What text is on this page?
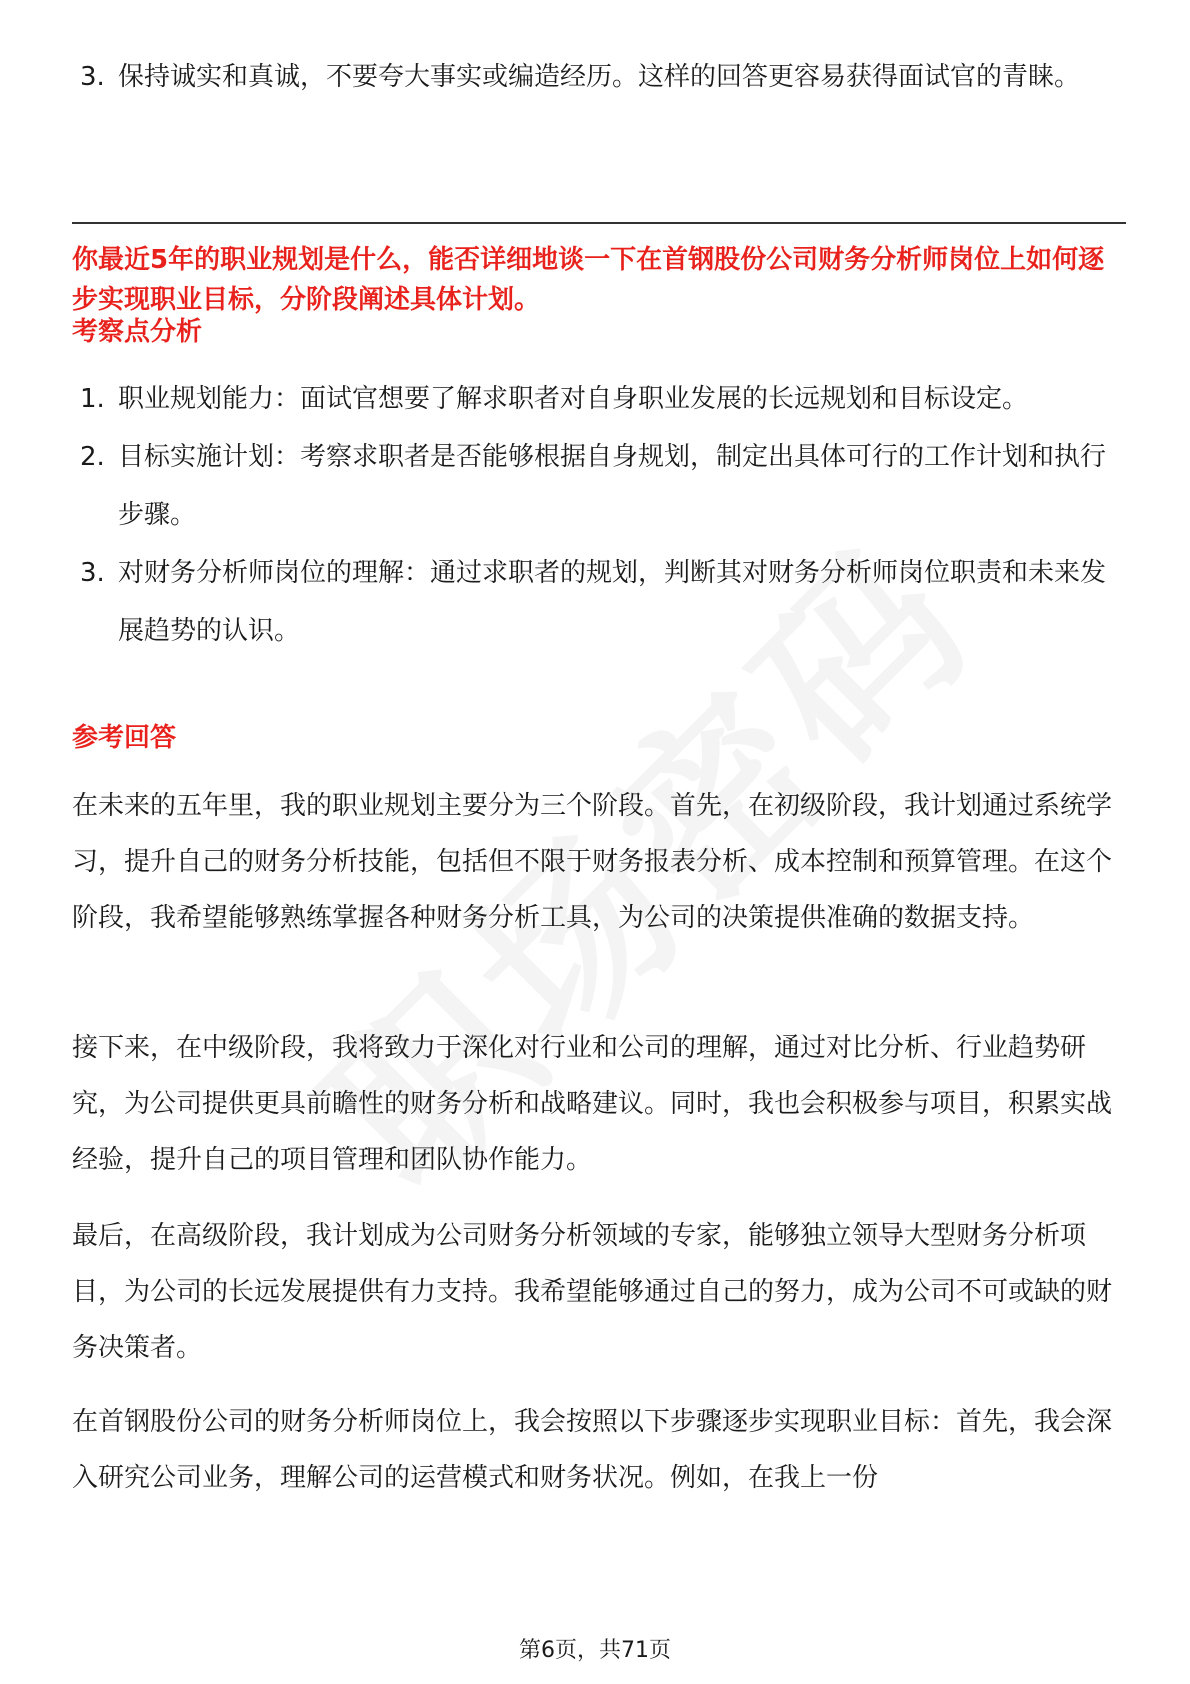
3. 保持诚实和真诚，不要夸大事实或编造经历。这样的回答更容易获得面试官的青睐。
你最近5年的职业规划是什么，能否详细地谈一下在首钢股份公司财务分析师岗位上如何逐步实现职业目标，分阶段阐述具体计划。
考察点分析
1. 职业规划能力：面试官想要了解求职者对自身职业发展的长远规划和目标设定。
2. 目标实施计划：考察求职者是否能够根据自身规划，制定出具体可行的工作计划和执行步骤。
3. 对财务分析师岗位的理解：通过求职者的规划，判断其对财务分析师岗位职责和未来发展趋势的认识。
参考回答

在未来的五年里，我的职业规划主要分为三个阶段。首先，在初级阶段，我计划通过系统学习，提升自己的财务分析技能，包括但不限于财务报表分析、成本控制和预算管理。在这个阶段，我希望能够熟练掌握各种财务分析工具，为公司的决策提供准确的数据支持。

接下来，在中级阶段，我将致力于深化对行业和公司的理解，通过对比分析、行业趋势研究，为公司提供更具前瞻性的财务分析和战略建议。同时，我也会积极参与项目，积累实战经验，提升自己的项目管理和团队协作能力。

最后，在高级阶段，我计划成为公司财务分析领域的专家，能够独立领导大型财务分析项目，为公司的长远发展提供有力支持。我希望能够通过自己的努力，成为公司不可或缺的财务决策者。

在首钢股份公司的财务分析师岗位上，我会按照以下步骤逐步实现职业目标：首先，我会深入研究公司业务，理解公司的运营模式和财务状况。例如，在我上一份

第6页，共71页
